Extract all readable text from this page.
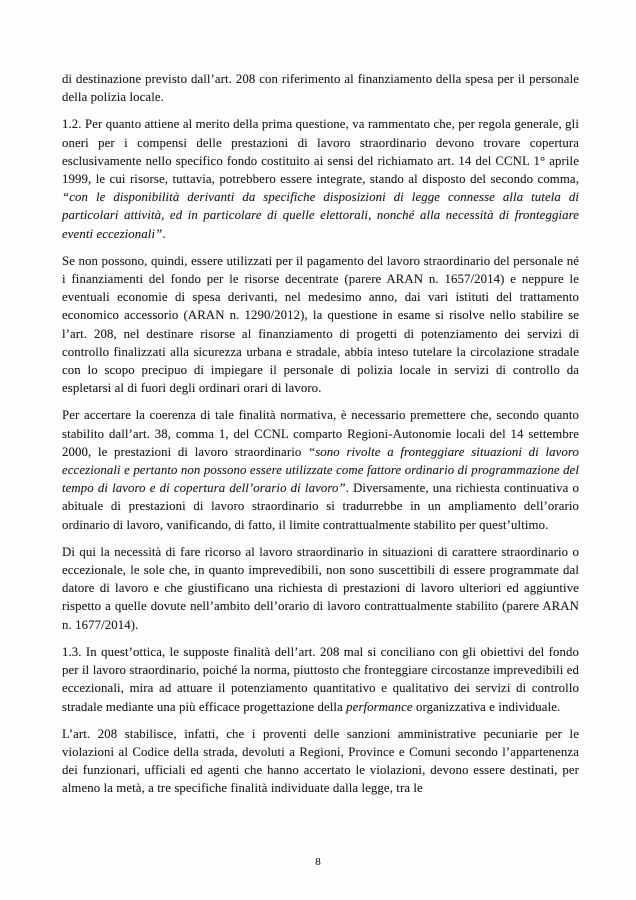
di destinazione previsto dall’art. 208 con riferimento al finanziamento della spesa per il personale della polizia locale.

1.2. Per quanto attiene al merito della prima questione, va rammentato che, per regola generale, gli oneri per i compensi delle prestazioni di lavoro straordinario devono trovare copertura esclusivamente nello specifico fondo costituito ai sensi del richiamato art. 14 del CCNL 1° aprile 1999, le cui risorse, tuttavia, potrebbero essere integrate, stando al disposto del secondo comma, “con le disponibilità derivanti da specifiche disposizioni di legge connesse alla tutela di particolari attività, ed in particolare di quelle elettorali, nonché alla necessità di fronteggiare eventi eccezionali”.

Se non possono, quindi, essere utilizzati per il pagamento del lavoro straordinario del personale né i finanziamenti del fondo per le risorse decentrate (parere ARAN n. 1657/2014) e neppure le eventuali economie di spesa derivanti, nel medesimo anno, dai vari istituti del trattamento economico accessorio (ARAN n. 1290/2012), la questione in esame si risolve nello stabilire se l’art. 208, nel destinare risorse al finanziamento di progetti di potenziamento dei servizi di controllo finalizzati alla sicurezza urbana e stradale, abbia inteso tutelare la circolazione stradale con lo scopo precipuo di impiegare il personale di polizia locale in servizi di controllo da espletarsi al di fuori degli ordinari orari di lavoro.

Per accertare la coerenza di tale finalità normativa, è necessario premettere che, secondo quanto stabilito dall’art. 38, comma 1, del CCNL comparto Regioni-Autonomie locali del 14 settembre 2000, le prestazioni di lavoro straordinario “sono rivolte a fronteggiare situazioni di lavoro eccezionali e pertanto non possono essere utilizzate come fattore ordinario di programmazione del tempo di lavoro e di copertura dell’orario di lavoro”. Diversamente, una richiesta continuativa o abituale di prestazioni di lavoro straordinario si tradurrebbe in un ampliamento dell’orario ordinario di lavoro, vanificando, di fatto, il limite contrattualmente stabilito per quest’ultimo.

Di qui la necessità di fare ricorso al lavoro straordinario in situazioni di carattere straordinario o eccezionale, le sole che, in quanto imprevedibili, non sono suscettibili di essere programmate dal datore di lavoro e che giustificano una richiesta di prestazioni di lavoro ulteriori ed aggiuntive rispetto a quelle dovute nell’ambito dell’orario di lavoro contrattualmente stabilito (parere ARAN n. 1677/2014).

1.3. In quest’ottica, le supposte finalità dell’art. 208 mal si conciliano con gli obiettivi del fondo per il lavoro straordinario, poiché la norma, piuttosto che fronteggiare circostanze imprevedibili ed eccezionali, mira ad attuare il potenziamento quantitativo e qualitativo dei servizi di controllo stradale mediante una più efficace progettazione della performance organizzativa e individuale.

L’art. 208 stabilisce, infatti, che i proventi delle sanzioni amministrative pecuniarie per le violazioni al Codice della strada, devoluti a Regioni, Province e Comuni secondo l’appartenenza dei funzionari, ufficiali ed agenti che hanno accertato le violazioni, devono essere destinati, per almeno la metà, a tre specifiche finalità individuate dalla legge, tra le

8
